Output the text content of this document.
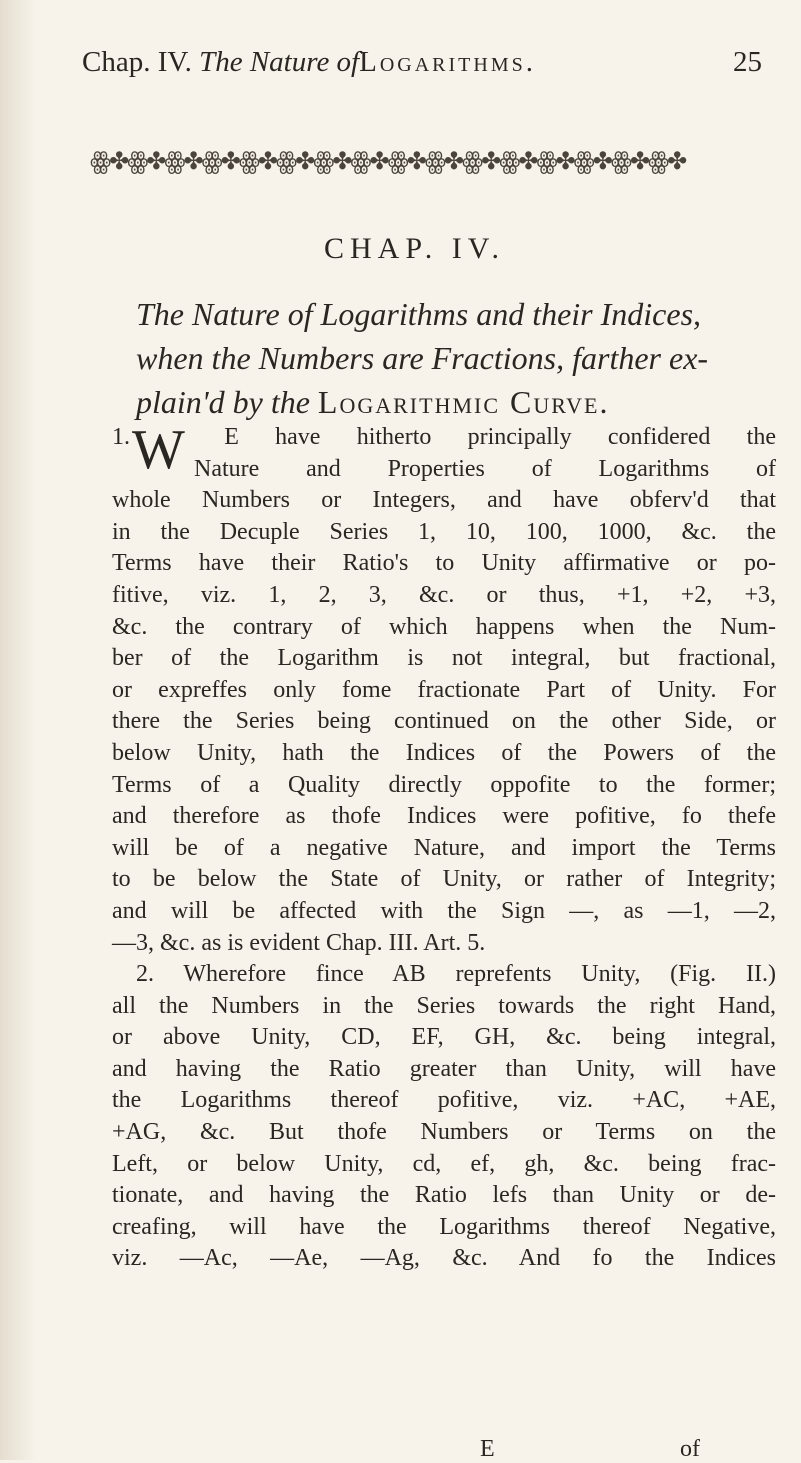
Chap. IV. The Nature ofLogarithms.	25
ꙮ✤ꙮ✤ꙮ✤ꙮ✤ꙮ✤ꙮ✤ꙮ✤ꙮ✤ꙮ✤ꙮ✤ꙮ✤ꙮ✤ꙮ✤ꙮ✤ꙮ✤ꙮ✤
CHAP. IV.
The Nature of Logarithms and their Indices,
when the Numbers are Fractions, farther ex-
plain'd by the Logarithmic Curve.
1. W E have hitherto principally confidered the
Nature and Properties of Logarithms of
whole Numbers or Integers, and have obferv'd that
in the Decuple Series 1, 10, 100, 1000, &c. the
Terms have their Ratio's to Unity affirmative or po-
fitive, viz. 1, 2, 3, &c. or thus, +1, +2, +3,
&c. the contrary of which happens when the Num-
ber of the Logarithm is not integral, but fractional,
or expreffes only fome fractionate Part of Unity. For
there the Series being continued on the other Side, or
below Unity, hath the Indices of the Powers of the
Terms of a Quality directly oppofite to the former;
and therefore as thofe Indices were pofitive, fo thefe
will be of a negative Nature, and import the Terms
to be below the State of Unity, or rather of Integrity;
and will be affected with the Sign —, as —1, —2,
—3, &c. as is evident Chap. III. Art. 5.
2. Wherefore fince AB reprefents Unity, (Fig. II.)
all the Numbers in the Series towards the right Hand,
or above Unity, CD, EF, GH, &c. being integral,
and having the Ratio greater than Unity, will have
the Logarithms thereof pofitive, viz. +AC, +AE,
+AG, &c. But thofe Numbers or Terms on the
Left, or below Unity, cd, ef, gh, &c. being frac-
tionate, and having the Ratio lefs than Unity or de-
creafing, will have the Logarithms thereof Negative,
viz. —Ac, —Ae, —Ag, &c. And fo the Indices
E	of
